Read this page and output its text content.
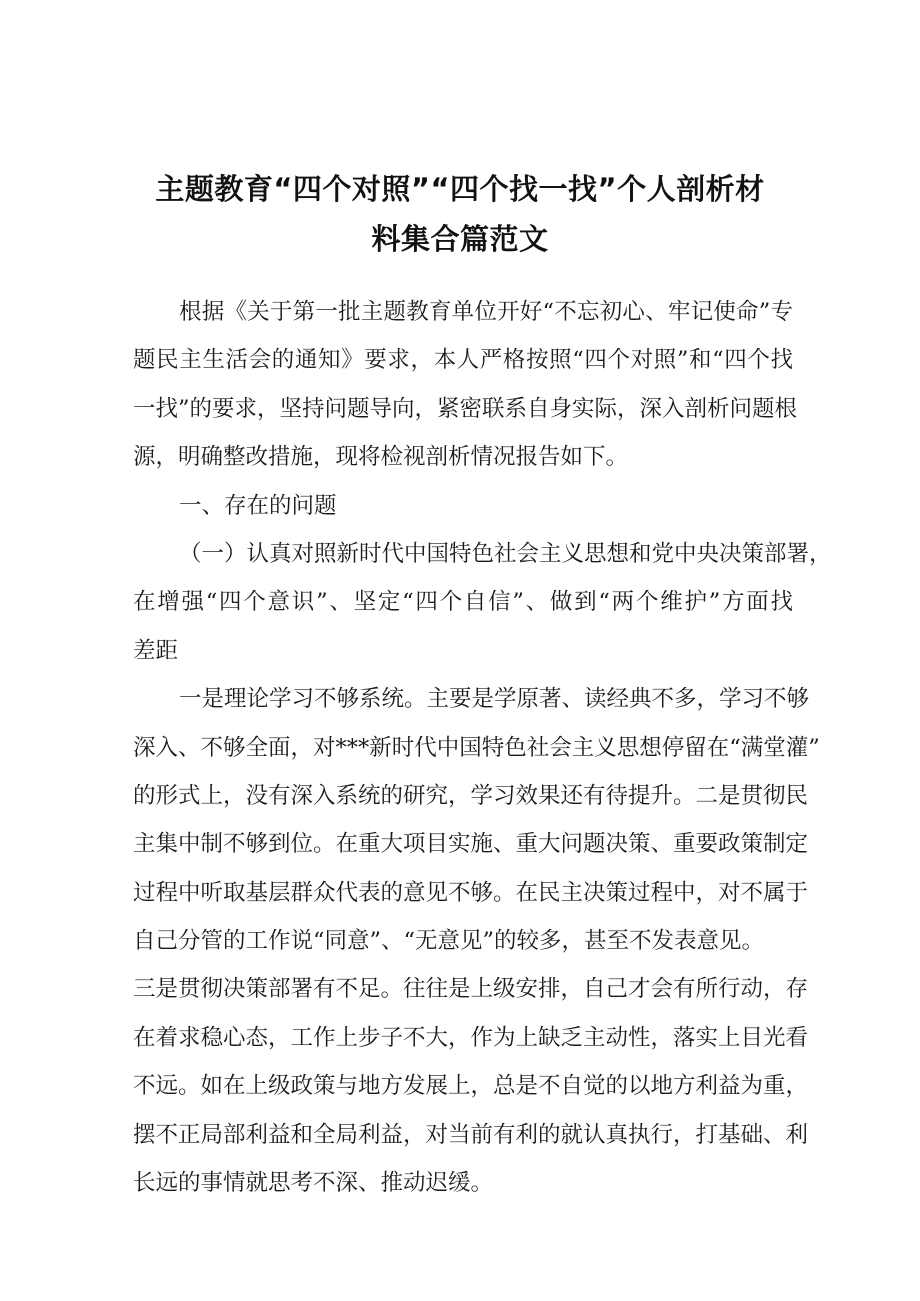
主题教育“四个对照”“四个找一找”个人剖析材
料集合篇范文
根据《关于第一批主题教育单位开好“不忘初心、牢记使命”专
题民主生活会的通知》要求，本人严格按照“四个对照”和“四个找
一找”的要求，坚持问题导向，紧密联系自身实际，深入剖析问题根
源，明确整改措施，现将检视剖析情况报告如下。
一、存在的问题
（一）认真对照新时代中国特色社会主义思想和党中央决策部署，
在增强“四个意识”、坚定“四个自信”、做到“两个维护”方面找
差距
一是理论学习不够系统。主要是学原著、读经典不多，学习不够
深入、不够全面，对***新时代中国特色社会主义思想停留在“满堂灌”
的形式上，没有深入系统的研究，学习效果还有待提升。二是贯彻民
主集中制不够到位。在重大项目实施、重大问题决策、重要政策制定
过程中听取基层群众代表的意见不够。在民主决策过程中，对不属于
自己分管的工作说“同意”、“无意见”的较多，甚至不发表意见。
三是贯彻决策部署有不足。往往是上级安排，自己才会有所行动，存
在着求稳心态，工作上步子不大，作为上缺乏主动性，落实上目光看
不远。如在上级政策与地方发展上，总是不自觉的以地方利益为重，
摆不正局部利益和全局利益，对当前有利的就认真执行，打基础、利
长远的事情就思考不深、推动迟缓。
